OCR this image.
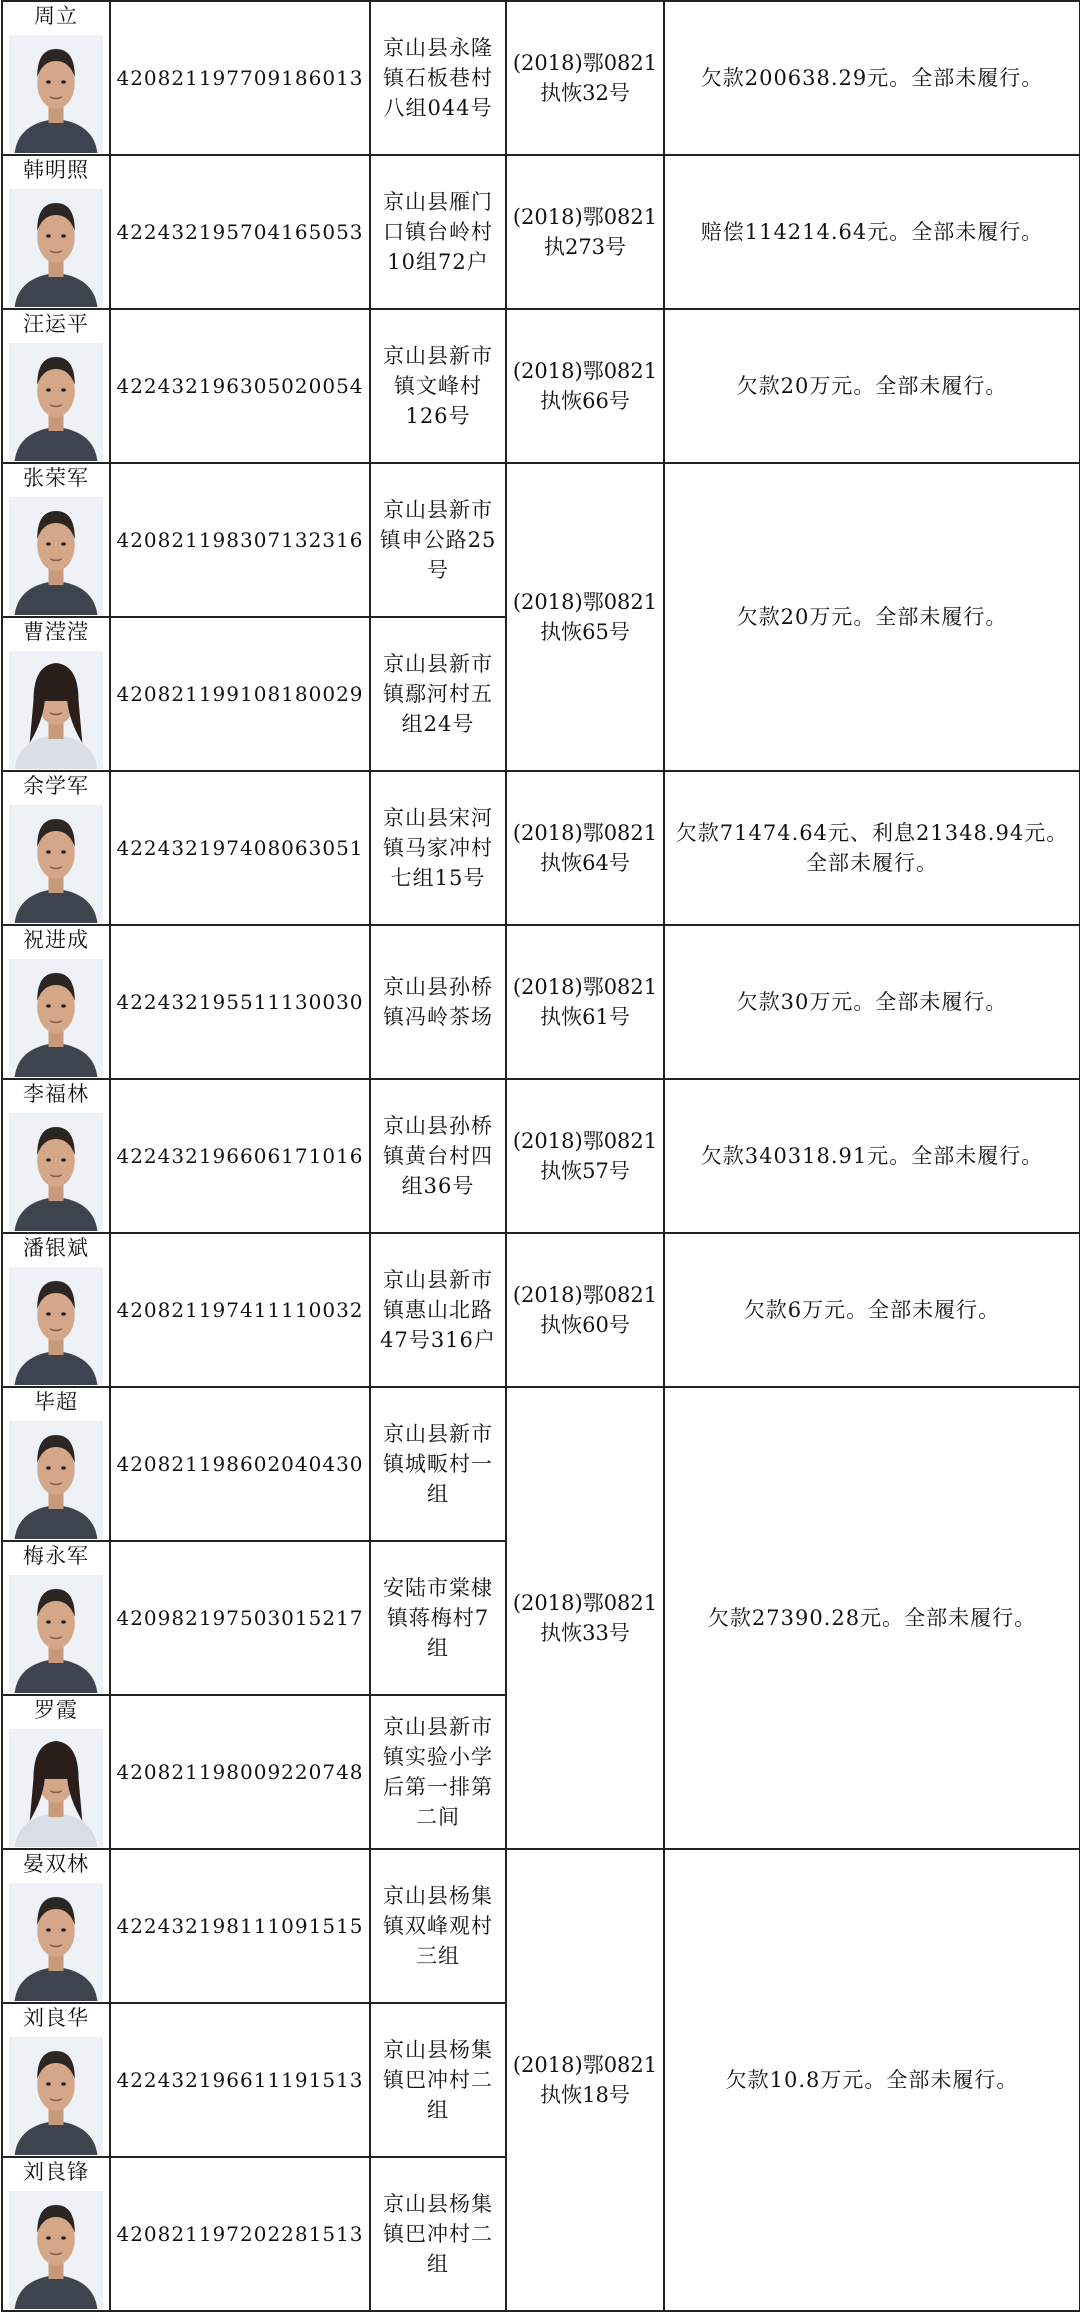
周立	420821197709186013	京山县永隆镇石板巷村八组044号	(2018)鄂0821执恢32号	欠款200638.29元。全部未履行。

韩明照	422432195704165053	京山县雁门口镇台岭村10组72户	(2018)鄂0821执273号	赔偿114214.64元。全部未履行。

汪运平	422432196305020054	京山县新市镇文峰村126号	(2018)鄂0821执恢66号	欠款20万元。全部未履行。

张荣军	420821198307132316	京山县新市镇申公路25号	(2018)鄂0821执恢65号	欠款20万元。全部未履行。

曹滢滢	420821199108180029	京山县新市镇鄢河村五组24号		

余学军	422432197408063051	京山县宋河镇马家冲村七组15号	(2018)鄂0821执恢64号	欠款71474.64元、利息21348.94元。全部未履行。

祝进成	422432195511130030	京山县孙桥镇冯岭茶场	(2018)鄂0821执恢61号	欠款30万元。全部未履行。

李福林	422432196606171016	京山县孙桥镇黄台村四组36号	(2018)鄂0821执恢57号	欠款340318.91元。全部未履行。

潘银斌	420821197411110032	京山县新市镇惠山北路47号316户	(2018)鄂0821执恢60号	欠款6万元。全部未履行。

毕超	420821198602040430	京山县新市镇城畈村一组	(2018)鄂0821执恢33号	欠款27390.28元。全部未履行。

梅永军	420982197503015217	安陆市棠棣镇蒋梅村7组		

罗霞	420821198009220748	京山县新市镇实验小学后第一排第二间		

晏双林	422432198111091515	京山县杨集镇双峰观村三组	(2018)鄂0821执恢18号	欠款10.8万元。全部未履行。

刘良华	422432196611191513	京山县杨集镇巴冲村二组		

刘良锋	420821197202281513	京山县杨集镇巴冲村二组		
